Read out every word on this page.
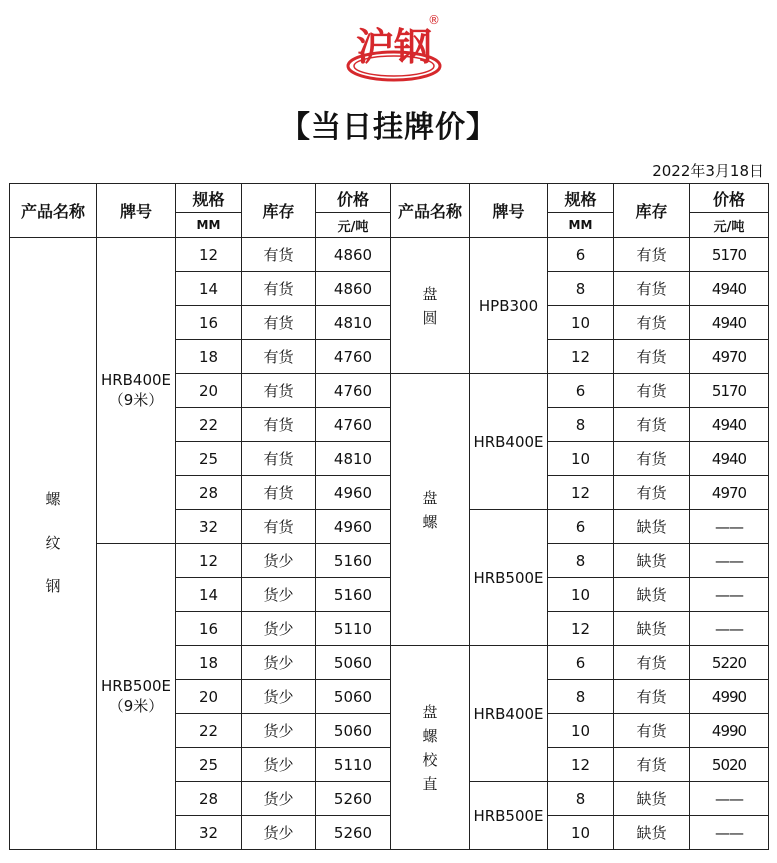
沪钢
®
【当日挂牌价】
2022年3月18日
产品名称	牌号	规格	库存	价格	产品名称	牌号	规格	库存	价格
		MM		元/吨			MM		元/吨
螺纹钢	HRB400E（9米）	12	有货	4860	盘圆	HPB300	6	有货	5170
		14	有货	4860			8	有货	4940
		16	有货	4810			10	有货	4940
		18	有货	4760			12	有货	4970
		20	有货	4760	盘螺	HRB400E	6	有货	5170
		22	有货	4760			8	有货	4940
		25	有货	4810			10	有货	4940
		28	有货	4960			12	有货	4970
		32	有货	4960		HRB500E	6	缺货	——
	HRB500E（9米）	12	货少	5160			8	缺货	——
		14	货少	5160			10	缺货	——
		16	货少	5110			12	缺货	——
		18	货少	5060	盘螺校直	HRB400E	6	有货	5220
		20	货少	5060			8	有货	4990
		22	货少	5060			10	有货	4990
		25	货少	5110			12	有货	5020
		28	货少	5260		HRB500E	8	缺货	——
		32	货少	5260			10	缺货	——
